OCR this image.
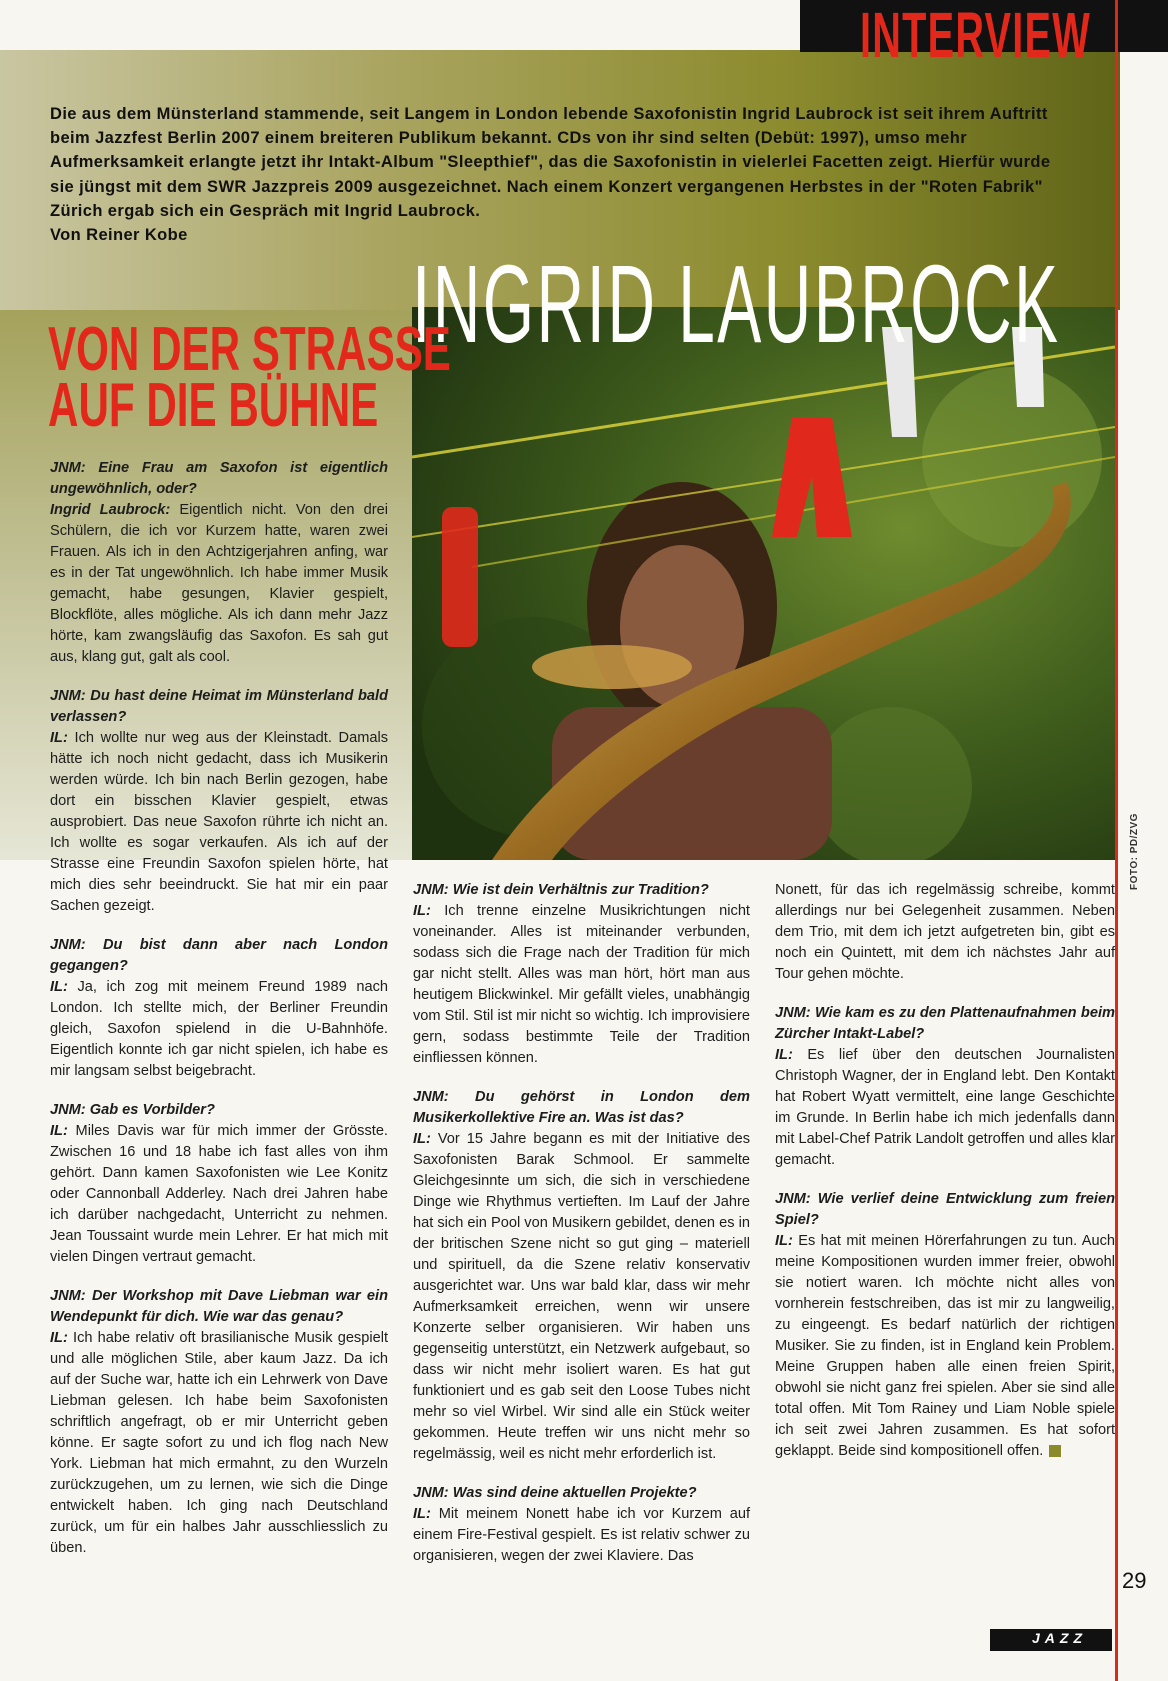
INTERVIEW
INGRID LAUBROCK
VON DER STRASSE
AUF DIE BÜHNE

Die aus dem Münsterland stammende, seit Langem in London lebende Saxofonistin Ingrid Laubrock ist seit ihrem Auftritt beim Jazzfest Berlin 2007 einem breiteren Publikum bekannt. CDs von ihr sind selten (Debüt: 1997), umso mehr Aufmerksamkeit erlangte jetzt ihr Intakt-Album "Sleepthief", das die Saxofonistin in vielerlei Facetten zeigt. Hierfür wurde sie jüngst mit dem SWR Jazzpreis 2009 ausgezeichnet. Nach einem Konzert vergangenen Herbstes in der "Roten Fabrik" Zürich ergab sich ein Gespräch mit Ingrid Laubrock.
Von Reiner Kobe

JNM: Eine Frau am Saxofon ist eigentlich ungewöhnlich, oder?
Ingrid Laubrock: Eigentlich nicht. Von den drei Schülern, die ich vor Kurzem hatte, waren zwei Frauen. Als ich in den Achtzigerjahren anfing, war es in der Tat ungewöhnlich. Ich habe immer Musik gemacht, habe gesungen, Klavier gespielt, Blockflöte, alles mögliche. Als ich dann mehr Jazz hörte, kam zwangsläufig das Saxofon. Es sah gut aus, klang gut, galt als cool.

JNM: Du hast deine Heimat im Münsterland bald verlassen?
IL: Ich wollte nur weg aus der Kleinstadt. Damals hätte ich noch nicht gedacht, dass ich Musikerin werden würde. Ich bin nach Berlin gezogen, habe dort ein bisschen Klavier gespielt, etwas ausprobiert. Das neue Saxofon rührte ich nicht an. Ich wollte es sogar verkaufen. Als ich auf der Strasse eine Freundin Saxofon spielen hörte, hat mich dies sehr beeindruckt. Sie hat mir ein paar Sachen gezeigt.

JNM: Du bist dann aber nach London gegangen?
IL: Ja, ich zog mit meinem Freund 1989 nach London. Ich stellte mich, der Berliner Freundin gleich, Saxofon spielend in die U-Bahnhöfe. Eigentlich konnte ich gar nicht spielen, ich habe es mir langsam selbst beigebracht.

JNM: Gab es Vorbilder?
IL: Miles Davis war für mich immer der Grösste. Zwischen 16 und 18 habe ich fast alles von ihm gehört. Dann kamen Saxofonisten wie Lee Konitz oder Cannonball Adderley. Nach drei Jahren habe ich darüber nachgedacht, Unterricht zu nehmen. Jean Toussaint wurde mein Lehrer. Er hat mich mit vielen Dingen vertraut gemacht.

JNM: Der Workshop mit Dave Liebman war ein Wendepunkt für dich. Wie war das genau?
IL: Ich habe relativ oft brasilianische Musik gespielt und alle möglichen Stile, aber kaum Jazz. Da ich auf der Suche war, hatte ich ein Lehrwerk von Dave Liebman gelesen. Ich habe beim Saxofonisten schriftlich angefragt, ob er mir Unterricht geben könne. Er sagte sofort zu und ich flog nach New York. Liebman hat mich ermahnt, zu den Wurzeln zurückzugehen, um zu lernen, wie sich die Dinge entwickelt haben. Ich ging nach Deutschland zurück, um für ein halbes Jahr ausschliesslich zu üben.

JNM: Wie ist dein Verhältnis zur Tradition?
IL: Ich trenne einzelne Musikrichtungen nicht voneinander. Alles ist miteinander verbunden, sodass sich die Frage nach der Tradition für mich gar nicht stellt. Alles was man hört, hört man aus heutigem Blickwinkel. Mir gefällt vieles, unabhängig vom Stil. Stil ist mir nicht so wichtig. Ich improvisiere gern, sodass bestimmte Teile der Tradition einfliessen können.

JNM: Du gehörst in London dem Musikerkollektive Fire an. Was ist das?
IL: Vor 15 Jahre begann es mit der Initiative des Saxofonisten Barak Schmool. Er sammelte Gleichgesinnte um sich, die sich in verschiedene Dinge wie Rhythmus vertieften. Im Lauf der Jahre hat sich ein Pool von Musikern gebildet, denen es in der britischen Szene nicht so gut ging – materiell und spirituell, da die Szene relativ konservativ ausgerichtet war. Uns war bald klar, dass wir mehr Aufmerksamkeit erreichen, wenn wir unsere Konzerte selber organisieren. Wir haben uns gegenseitig unterstützt, ein Netzwerk aufgebaut, so dass wir nicht mehr isoliert waren. Es hat gut funktioniert und es gab seit den Loose Tubes nicht mehr so viel Wirbel. Wir sind alle ein Stück weiter gekommen. Heute treffen wir uns nicht mehr so regelmässig, weil es nicht mehr erforderlich ist.

JNM: Was sind deine aktuellen Projekte?
IL: Mit meinem Nonett habe ich vor Kurzem auf einem Fire-Festival gespielt. Es ist relativ schwer zu organisieren, wegen der zwei Klaviere. Das

Nonett, für das ich regelmässig schreibe, kommt allerdings nur bei Gelegenheit zusammen. Neben dem Trio, mit dem ich jetzt aufgetreten bin, gibt es noch ein Quintett, mit dem ich nächstes Jahr auf Tour gehen möchte.

JNM: Wie kam es zu den Plattenaufnahmen beim Zürcher Intakt-Label?
IL: Es lief über den deutschen Journalisten Christoph Wagner, der in England lebt. Den Kontakt hat Robert Wyatt vermittelt, eine lange Geschichte im Grunde. In Berlin habe ich mich jedenfalls dann mit Label-Chef Patrik Landolt getroffen und alles klar gemacht.

JNM: Wie verlief deine Entwicklung zum freien Spiel?
IL: Es hat mit meinen Hörerfahrungen zu tun. Auch meine Kompositionen wurden immer freier, obwohl sie notiert waren. Ich möchte nicht alles von vornherein festschreiben, das ist mir zu langweilig, zu eingeengt. Es bedarf natürlich der richtigen Musiker. Sie zu finden, ist in England kein Problem. Meine Gruppen haben alle einen freien Spirit, obwohl sie nicht ganz frei spielen. Aber sie sind alle total offen. Mit Tom Rainey und Liam Noble spiele ich seit zwei Jahren zusammen. Es hat sofort geklappt. Beide sind kompositionell offen.

FOTO: PD/ZVG
29
JAZZ
